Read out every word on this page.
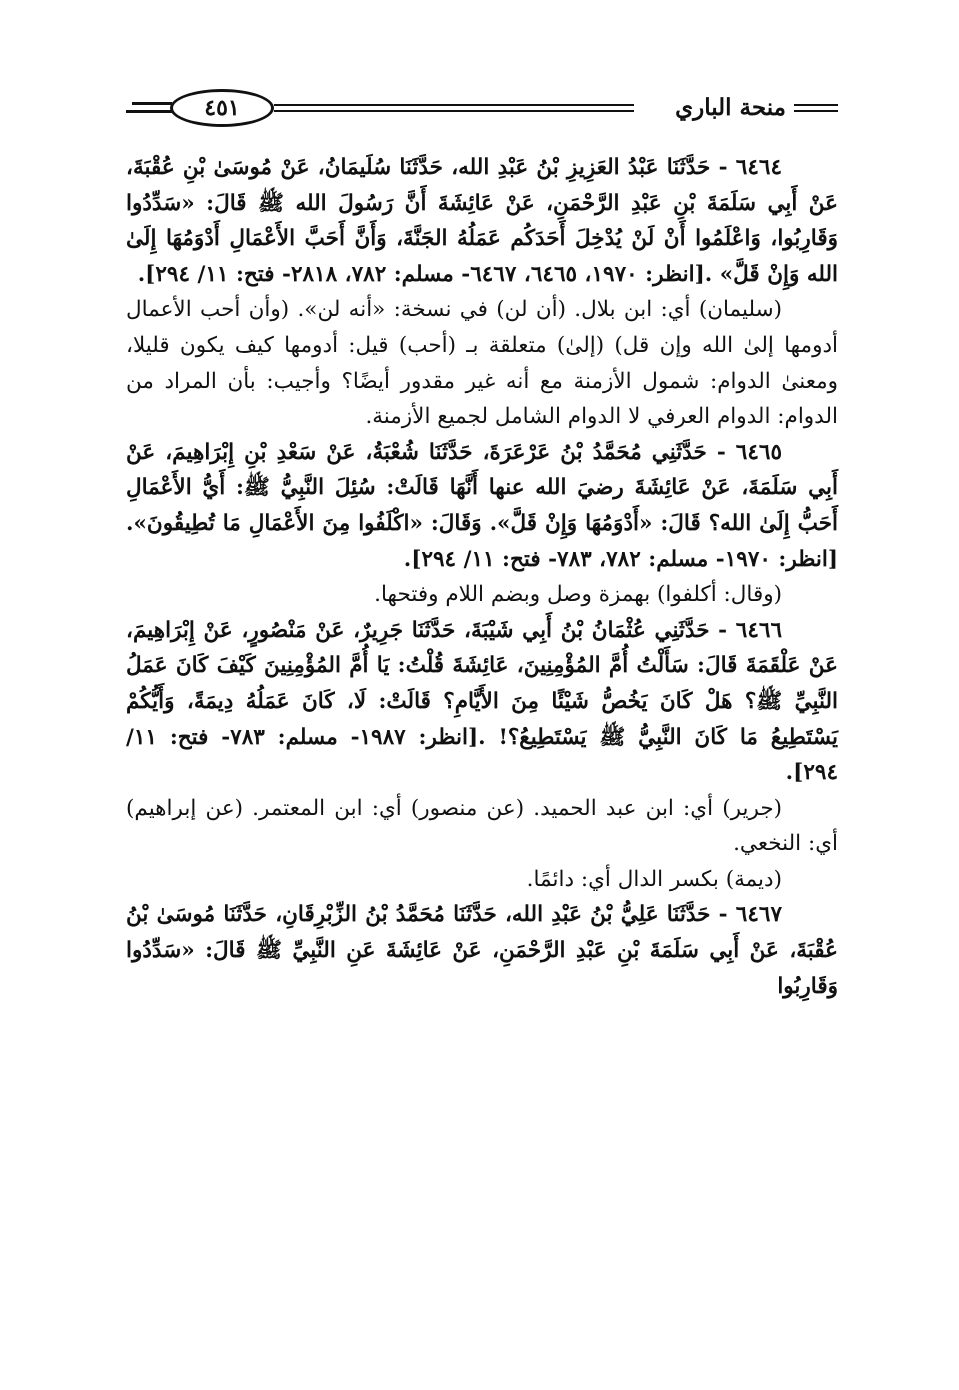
منحة الباري
٤٥١

٦٤٦٤ - حَدَّثَنَا عَبْدُ العَزِيزِ بْنُ عَبْدِ الله، حَدَّثَنَا سُلَيمَانُ، عَنْ مُوسَىٰ بْنِ عُقْبَةَ، عَنْ أَبِي سَلَمَةَ بْنِ عَبْدِ الرَّحْمَنِ، عَنْ عَائِشَةَ أَنَّ رَسُولَ الله ﷺ قَالَ: «سَدِّدُوا وَقَارِبُوا، وَاعْلَمُوا أَنْ لَنْ يُدْخِلَ أَحَدَكُم عَمَلُهُ الجَنَّةَ، وَأَنَّ أَحَبَّ الأَعْمَالِ أَدْوَمُهَا إِلَىٰ الله وَإِنْ قَلَّ» .[انظر: ١٩٧٠، ٦٤٦٥، ٦٤٦٧- مسلم: ٧٨٢، ٢٨١٨- فتح: ١١/ ٢٩٤].

(سليمان) أي: ابن بلال. (أن لن) في نسخة: «أنه لن». (وأن أحب الأعمال أدومها إلىٰ الله وإن قل) (إلىٰ) متعلقة بـ (أحب) قيل: أدومها كيف يكون قليلا، ومعنىٰ الدوام: شمول الأزمنة مع أنه غير مقدور أيضًا؟ وأجيب: بأن المراد من الدوام: الدوام العرفي لا الدوام الشامل لجميع الأزمنة.

٦٤٦٥ - حَدَّثَنِي مُحَمَّدُ بْنُ عَرْعَرَةَ، حَدَّثَنَا شُعْبَةُ، عَنْ سَعْدِ بْنِ إِبْرَاهِيمَ، عَنْ أَبِي سَلَمَةَ، عَنْ عَائِشَةَ رضيَ الله عنها أَنَّهَا قَالَتْ: سُئِلَ النَّبِيُّ ﷺ: أَيُّ الأَعْمَالِ أَحَبُّ إِلَىٰ الله؟ قَالَ: «أَدْوَمُهَا وَإِنْ قَلَّ». وَقَالَ: «اكْلَفُوا مِنَ الأَعْمَالِ مَا تُطِيقُونَ». [انظر: ١٩٧٠- مسلم: ٧٨٢، ٧٨٣- فتح: ١١/ ٢٩٤].

(وقال: أكلفوا) بهمزة وصل وبضم اللام وفتحها.

٦٤٦٦ - حَدَّثَنِي عُثْمَانُ بْنُ أَبِي شَيْبَةَ، حَدَّثَنَا جَرِيرٌ، عَنْ مَنْصُورٍ، عَنْ إِبْرَاهِيمَ، عَنْ عَلْقَمَةَ قَالَ: سَأَلْتُ أُمَّ المُؤْمِنِينَ، عَائِشَةَ قُلْتُ: يَا أُمَّ المُؤْمِنِينَ كَيْفَ كَانَ عَمَلُ النَّبِيِّ ﷺ؟ هَلْ كَانَ يَخُصُّ شَيْئًا مِنَ الأَيَّامِ؟ قَالَتْ: لَا، كَانَ عَمَلُهُ دِيمَةً، وَأَيُّكُمْ يَسْتَطِيعُ مَا كَانَ النَّبِيُّ ﷺ يَسْتَطِيعُ؟! .[انظر: ١٩٨٧- مسلم: ٧٨٣- فتح: ١١/ ٢٩٤].

(جرير) أي: ابن عبد الحميد. (عن منصور) أي: ابن المعتمر. (عن إبراهيم) أي: النخعي.

(ديمة) بكسر الدال أي: دائمًا.

٦٤٦٧ - حَدَّثَنَا عَلِيُّ بْنُ عَبْدِ الله، حَدَّثَنَا مُحَمَّدُ بْنُ الزِّبْرِقَانِ، حَدَّثَنَا مُوسَىٰ بْنُ عُقْبَةَ، عَنْ أَبِي سَلَمَةَ بْنِ عَبْدِ الرَّحْمَنِ، عَنْ عَائِشَةَ عَنِ النَّبِيِّ ﷺ قَالَ: «سَدِّدُوا وَقَارِبُوا
